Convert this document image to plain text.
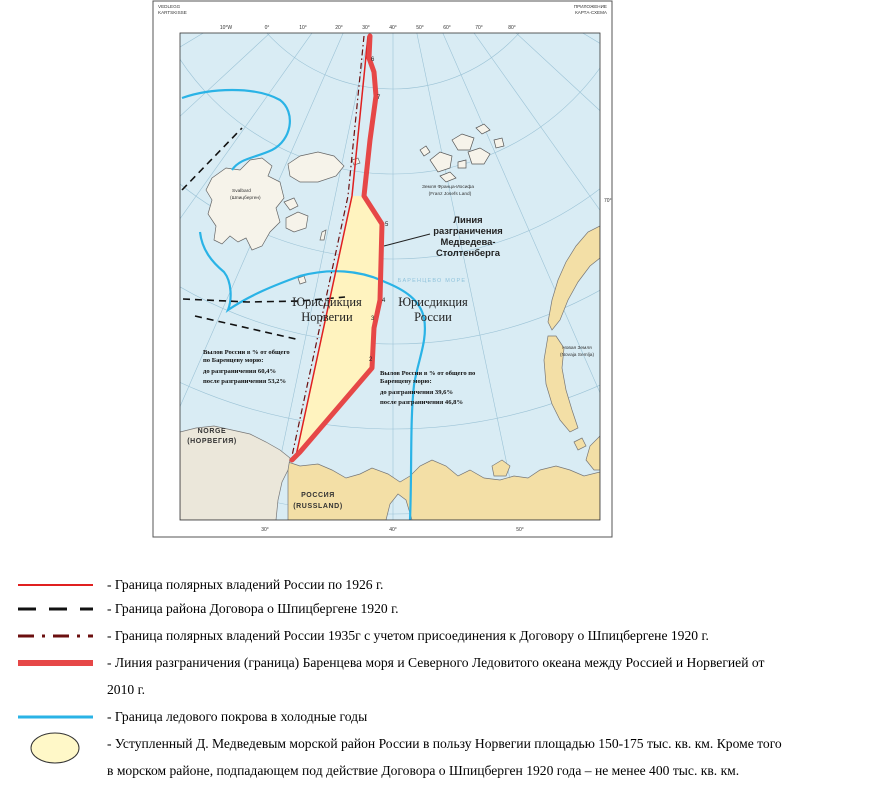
VEDLEGG
KARTSKISSE
ПРИЛОЖЕНИЕ
КАРТА-СХЕМА
10°W	0°	10°	20°	30°	40°	50°	60°	70°	80°
30°	40°	50°
70°
БАРЕНЦЕВО МОРЕ
Svalbard
(Шпицберген)
Земля Франца-Иосифа
(Franz Josefs Land)
Новая Земля
(Novaja Semlja)
NORGE
(НОРВЕГИЯ)
РОССИЯ
(RUSSLAND)
6
7
5
4
3
2
Линия
разграничения
Медведева-
Столтенберга
Юрисдикция
Норвегии
Юрисдикция
России
Вылов России в % от общего
по Баренцеву морю:
до разграничения 60,4%
после разграничения 53,2%
Вылов России в % от общего по
Баренцеву морю:
до разграничения 39,6%
после разграничения 46,8%
- Граница полярных владений России по 1926 г.
- Граница района Договора о Шпицбергене 1920 г.
- Граница полярных владений России 1935г с учетом присоединения к Договору о Шпицбергене 1920 г.
- Линия разграничения (граница) Баренцева моря и Северного Ледовитого океана между Россией и Норвегией от
2010 г.
- Граница ледового покрова в холодные годы
- Уступленный Д. Медведевым морской район России в пользу Норвегии площадью 150-175 тыс. кв. км. Кроме того
в морском районе, подпадающем под действие Договора о Шпицберген 1920 года – не менее 400 тыс. кв. км.
